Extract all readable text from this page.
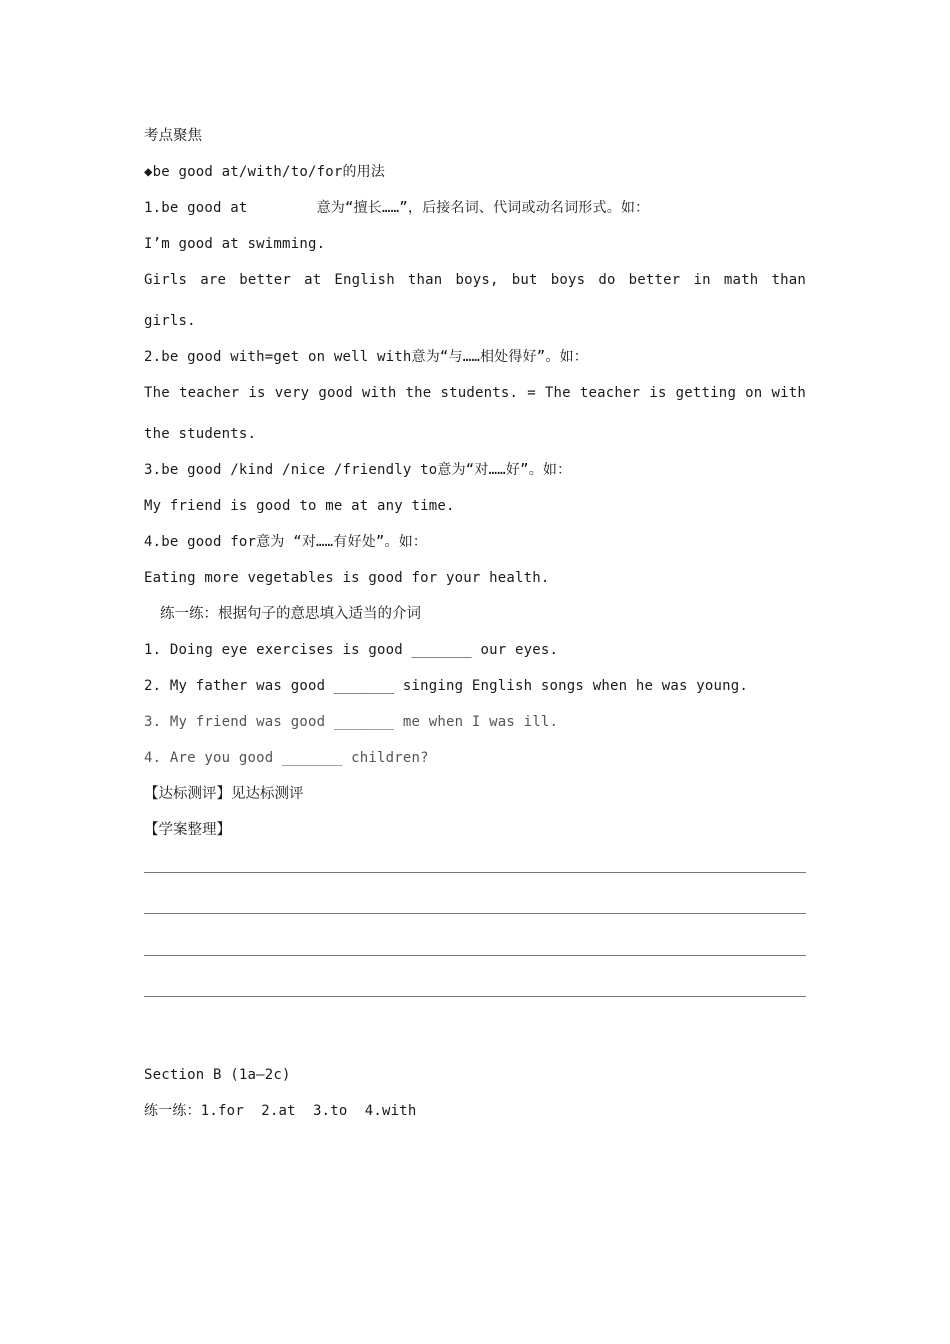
考点聚焦
◆be good at/with/to/for的用法
1.be good at        意为“擅长……”，后接名词、代词或动名词形式。如：
I’m good at swimming.
Girls are better at English than boys, but boys do better in math than
girls.
2.be good with=get on well with意为“与……相处得好”。如：
The teacher is very good with the students. = The teacher is getting on with
the students.
3.be good /kind /nice /friendly to意为“对……好”。如：
My friend is good to me at any time.
4.be good for意为 “对……有好处”。如：
Eating more vegetables is good for your health.
练一练：根据句子的意思填入适当的介词
1. Doing eye exercises is good _______ our eyes.
2. My father was good _______ singing English songs when he was young.
3. My friend was good _______ me when I was ill.
4. Are you good _______ children?
【达标测评】见达标测评
【学案整理】
Section B (1a—2c)
练一练：1.for  2.at  3.to  4.with
